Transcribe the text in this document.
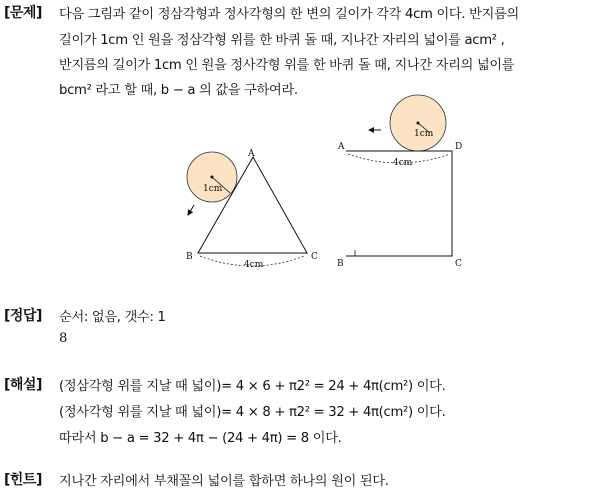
[문제] 다음 그림과 같이 정삼각형과 정사각형의 한 변의 길이가 각각 4cm 이다. 반지름의
길이가 1cm 인 원을 정삼각형 위를 한 바퀴 돌 때, 지나간 자리의 넓이를 acm² ,
반지름의 길이가 1cm 인 원을 정사각형 위를 한 바퀴 돌 때, 지나간 자리의 넓이를
bcm² 라고 할 때, b − a 의 값을 구하여라.
1cm
4cm
A
B	C
1cm
4cm
A	D
B	C
[정답] 순서: 없음, 갯수: 1
8
[해설] (정삼각형 위를 지날 때 넓이)= 4 × 6 + π2² = 24 + 4π(cm²) 이다.
(정사각형 위를 지날 때 넓이)= 4 × 8 + π2² = 32 + 4π(cm²) 이다.
따라서 b − a = 32 + 4π − (24 + 4π) = 8 이다.
[힌트] 지나간 자리에서 부채꼴의 넓이를 합하면 하나의 원이 된다.
